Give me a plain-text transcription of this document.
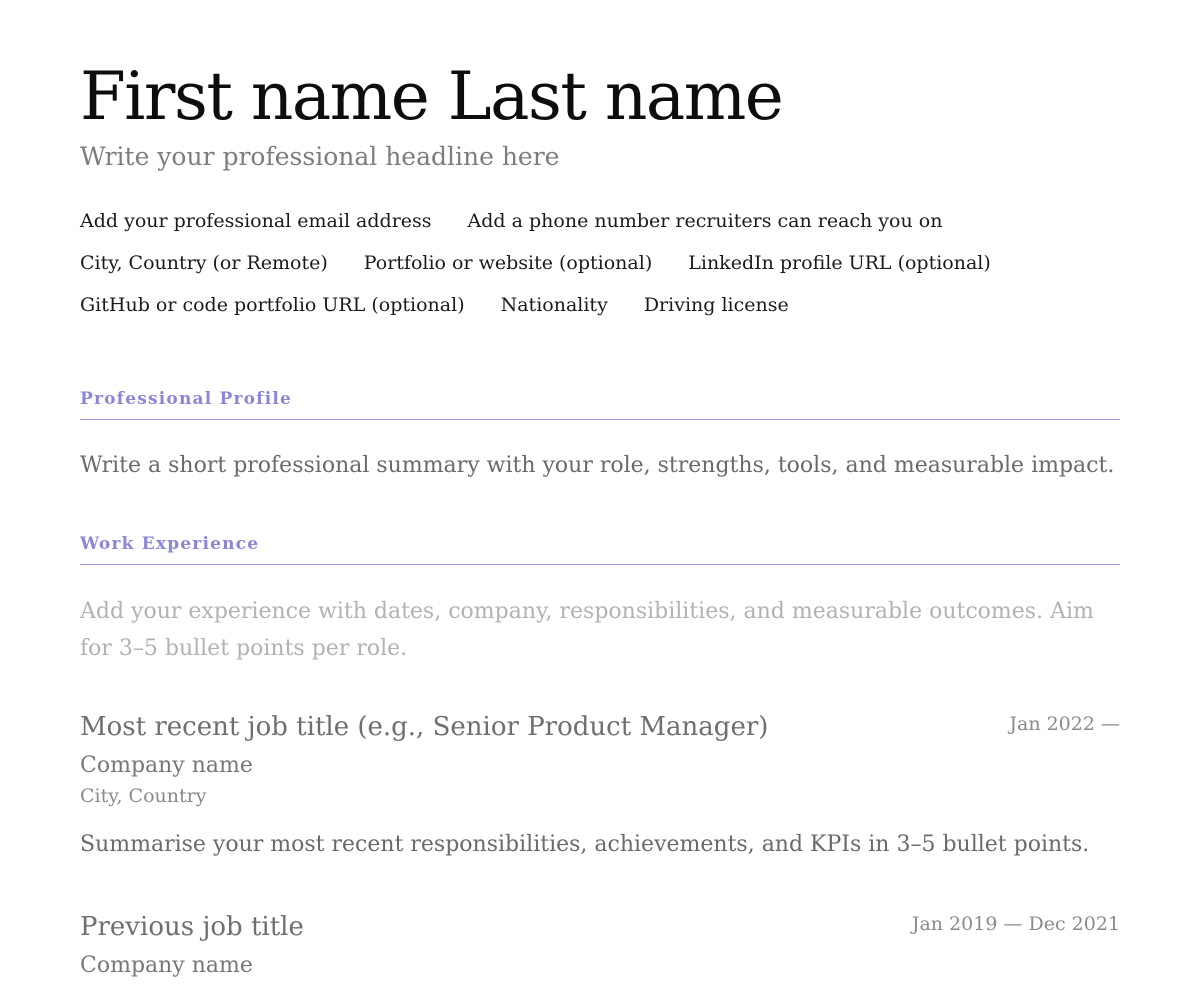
First name Last name
Write your professional headline here
Add your professional email address Add a phone number recruiters can reach you on
City, Country (or Remote) Portfolio or website (optional) LinkedIn profile URL (optional)
GitHub or code portfolio URL (optional) Nationality Driving license
Professional Profile
Write a short professional summary with your role, strengths, tools, and measurable impact.
Work Experience
Add your experience with dates, company, responsibilities, and measurable outcomes. Aim for 3–5 bullet points per role.
Most recent job title (e.g., Senior Product Manager)	Jan 2022 —
Company name
City, Country
Summarise your most recent responsibilities, achievements, and KPIs in 3–5 bullet points.
Previous job title	Jan 2019 — Dec 2021
Company name
